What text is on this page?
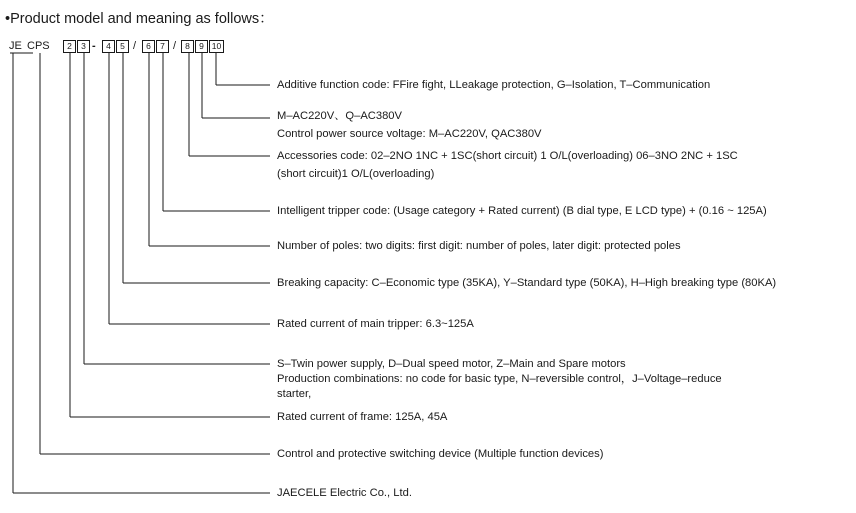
•Product model and meaning as follows：
JE CPS	2	3 -	4	5 /	6	7 /	8	9 10
Additive function code: FFire fight, LLeakage protection, G–Isolation, T–Communication
M–AC220V、Q–AC380V
Control power source voltage: M–AC220V, QAC380V
Accessories code: 02–2NO 1NC + 1SC(short circuit) 1 O/L(overloading) 06–3NO 2NC + 1SC
(short circuit)1 O/L(overloading)
Intelligent tripper code: (Usage category + Rated current) (B dial type, E LCD type) + (0.16 ~ 125A)
Number of poles: two digits: first digit: number of poles, later digit: protected poles
Breaking capacity: C–Economic type (35KA), Y–Standard type (50KA), H–High breaking type (80KA)
Rated current of main tripper: 6.3~125A
S–Twin power supply, D–Dual speed motor, Z–Main and Spare motors
Production combinations: no code for basic type, N–reversible control，J–Voltage–reduce
starter,
Rated current of frame: 125A, 45A
Control and protective switching device (Multiple function devices)
JAECELE Electric Co., Ltd.
